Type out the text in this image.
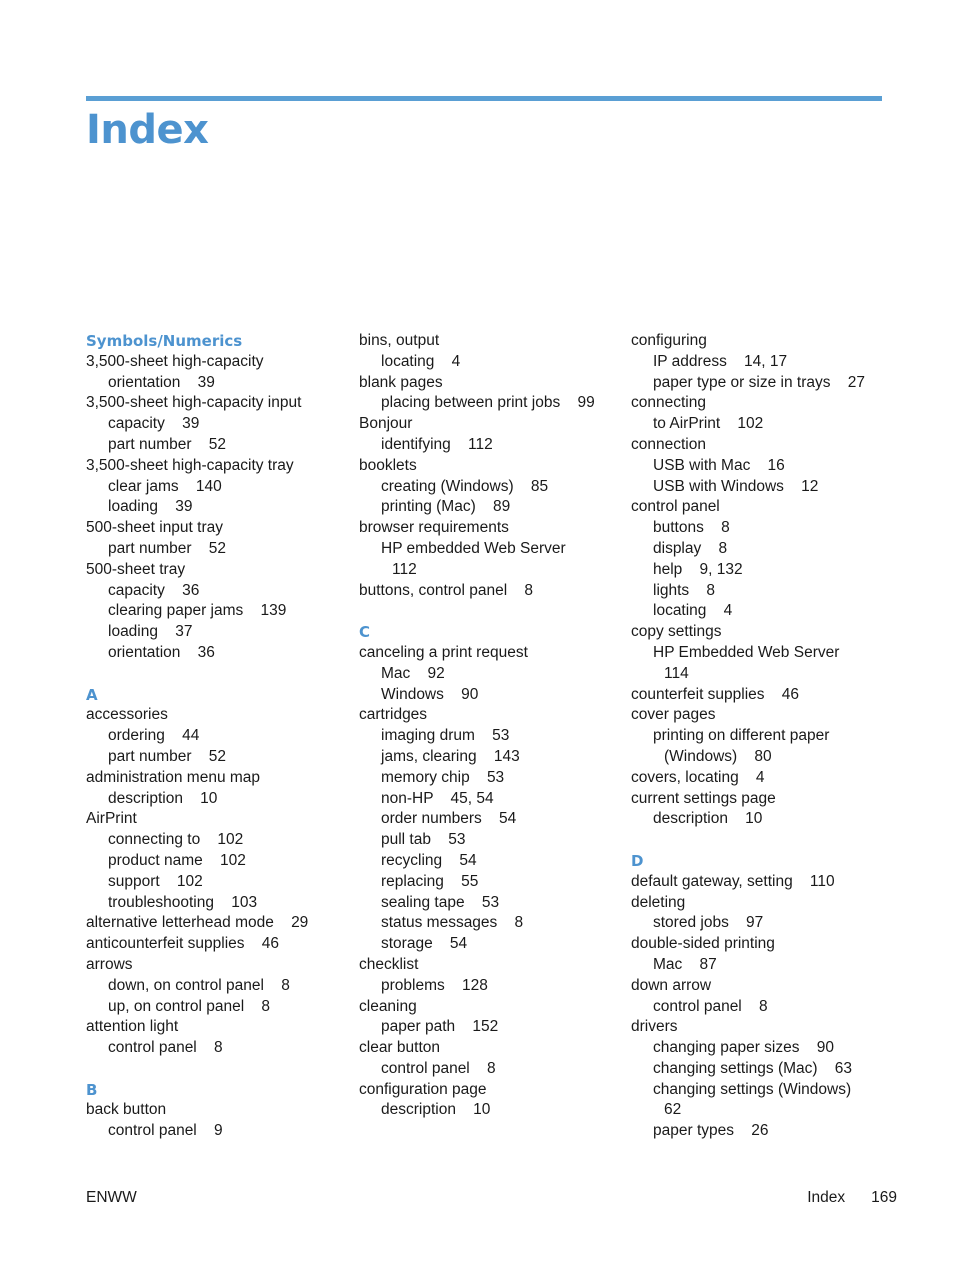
Index
Symbols/Numerics
3,500-sheet high-capacity
orientation    39
3,500-sheet high-capacity input
capacity    39
part number    52
3,500-sheet high-capacity tray
clear jams    140
loading    39
500-sheet input tray
part number    52
500-sheet tray
capacity    36
clearing paper jams    139
loading    37
orientation    36
A
accessories
ordering    44
part number    52
administration menu map
description    10
AirPrint
connecting to    102
product name    102
support    102
troubleshooting    103
alternative letterhead mode    29
anticounterfeit supplies    46
arrows
down, on control panel    8
up, on control panel    8
attention light
control panel    8
B
back button
control panel    9
bins, output
locating    4
blank pages
placing between print jobs    99
Bonjour
identifying    112
booklets
creating (Windows)    85
printing (Mac)    89
browser requirements
HP embedded Web Server
112
buttons, control panel    8
C
canceling a print request
Mac    92
Windows    90
cartridges
imaging drum    53
jams, clearing    143
memory chip    53
non-HP    45, 54
order numbers    54
pull tab    53
recycling    54
replacing    55
sealing tape    53
status messages    8
storage    54
checklist
problems    128
cleaning
paper path    152
clear button
control panel    8
configuration page
description    10
configuring
IP address    14, 17
paper type or size in trays    27
connecting
to AirPrint    102
connection
USB with Mac    16
USB with Windows    12
control panel
buttons    8
display    8
help    9, 132
lights    8
locating    4
copy settings
HP Embedded Web Server
114
counterfeit supplies    46
cover pages
printing on different paper
(Windows)    80
covers, locating    4
current settings page
description    10
D
default gateway, setting    110
deleting
stored jobs    97
double-sided printing
Mac    87
down arrow
control panel    8
drivers
changing paper sizes    90
changing settings (Mac)    63
changing settings (Windows)
62
paper types    26
ENWW	Index 169
